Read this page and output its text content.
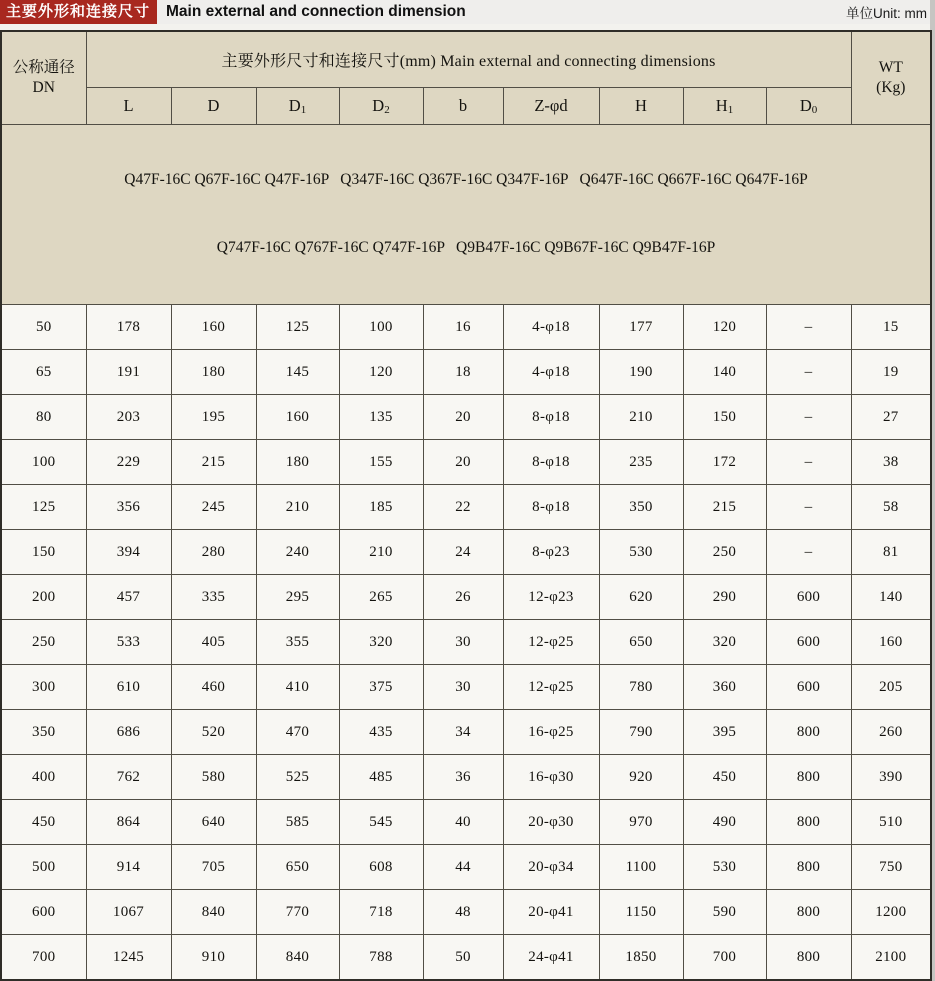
主要外形和连接尺寸	Main external and connection dimension	单位Unit: mm
公称通径
DN
	主要外形尺寸和连接尺寸(mm) Main external and connecting dimensions	WT
(Kg)

	L	D	$D_1$	$D_2$	b	Z-φd	H	$H_1$	$D_0$

Q47F-16C Q67F-16C Q47F-16P   Q347F-16C Q367F-16C Q347F-16P   Q647F-16C Q667F-16C Q647F-16P

Q747F-16C Q767F-16C Q747F-16P   Q9B47F-16C Q9B67F-16C Q9B47F-16P										

50	178	160	125	100	16	4-φ18	177	120	–	15
65	191	180	145	120	18	4-φ18	190	140	–	19
80	203	195	160	135	20	8-φ18	210	150	–	27
100	229	215	180	155	20	8-φ18	235	172	–	38
125	356	245	210	185	22	8-φ18	350	215	–	58
150	394	280	240	210	24	8-φ23	530	250	–	81
200	457	335	295	265	26	12-φ23	620	290	600	140
250	533	405	355	320	30	12-φ25	650	320	600	160
300	610	460	410	375	30	12-φ25	780	360	600	205
350	686	520	470	435	34	16-φ25	790	395	800	260
400	762	580	525	485	36	16-φ30	920	450	800	390
450	864	640	585	545	40	20-φ30	970	490	800	510
500	914	705	650	608	44	20-φ34	1100	530	800	750
600	1067	840	770	718	48	20-φ41	1150	590	800	1200
700	1245	910	840	788	50	24-φ41	1850	700	800	2100
